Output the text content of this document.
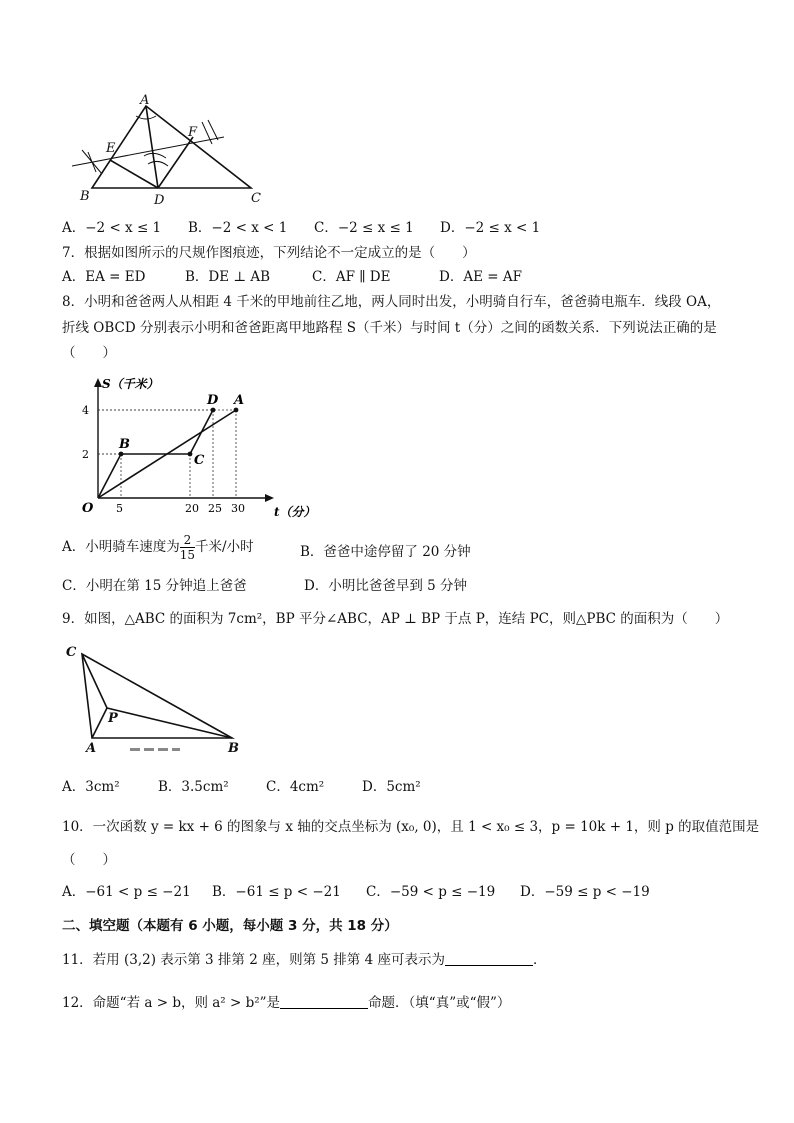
A
B	C
D
E
F
A．−2 < x ≤ 1 B．−2 < x < 1 C．−2 ≤ x ≤ 1 D．−2 ≤ x < 1
7．根据如图所示的尺规作图痕迹，下列结论不一定成立的是（　　）
A．EA = ED	B．DE ⊥ AB	C．AF ∥ DE	D．AE = AF
8．小明和爸爸两人从相距 4 千米的甲地前往乙地，两人同时出发，小明骑自行车，爸爸骑电瓶车．线段 OA，
折线 OBCD 分别表示小明和爸爸距离甲地路程 S（千米）与时间 t（分）之间的函数关系．下列说法正确的是
（　　）
S（千米）
t（分）
O
2
4
5	20 25 30
A
B
C
D
A．小明骑车速度为 $\frac{2}{15}$ 千米/小时	B．爸爸中途停留了 20 分钟
C．小明在第 15 分钟追上爸爸	D．小明比爸爸早到 5 分钟
9．如图，△ABC 的面积为 7cm²，BP 平分∠ABC，AP ⊥ BP 于点 P，连结 PC，则△PBC 的面积为（　　）
C
A	B
P
A．3cm²	B．3.5cm²	C．4cm²	D．5cm²
10．一次函数 y = kx + 6 的图象与 x 轴的交点坐标为 (x₀, 0)，且 1 < x₀ ≤ 3，p = 10k + 1，则 p 的取值范围是
（　　）
A．−61 < p ≤ −21 B．−61 ≤ p < −21 C．−59 < p ≤ −19 D．−59 ≤ p < −19
二、填空题（本题有 6 小题，每小题 3 分，共 18 分）
11．若用 (3,2) 表示第 3 排第 2 座，则第 5 排第 4 座可表示为	．
12．命题“若 a > b，则 a² > b²”是	命题．（填“真”或“假”）
